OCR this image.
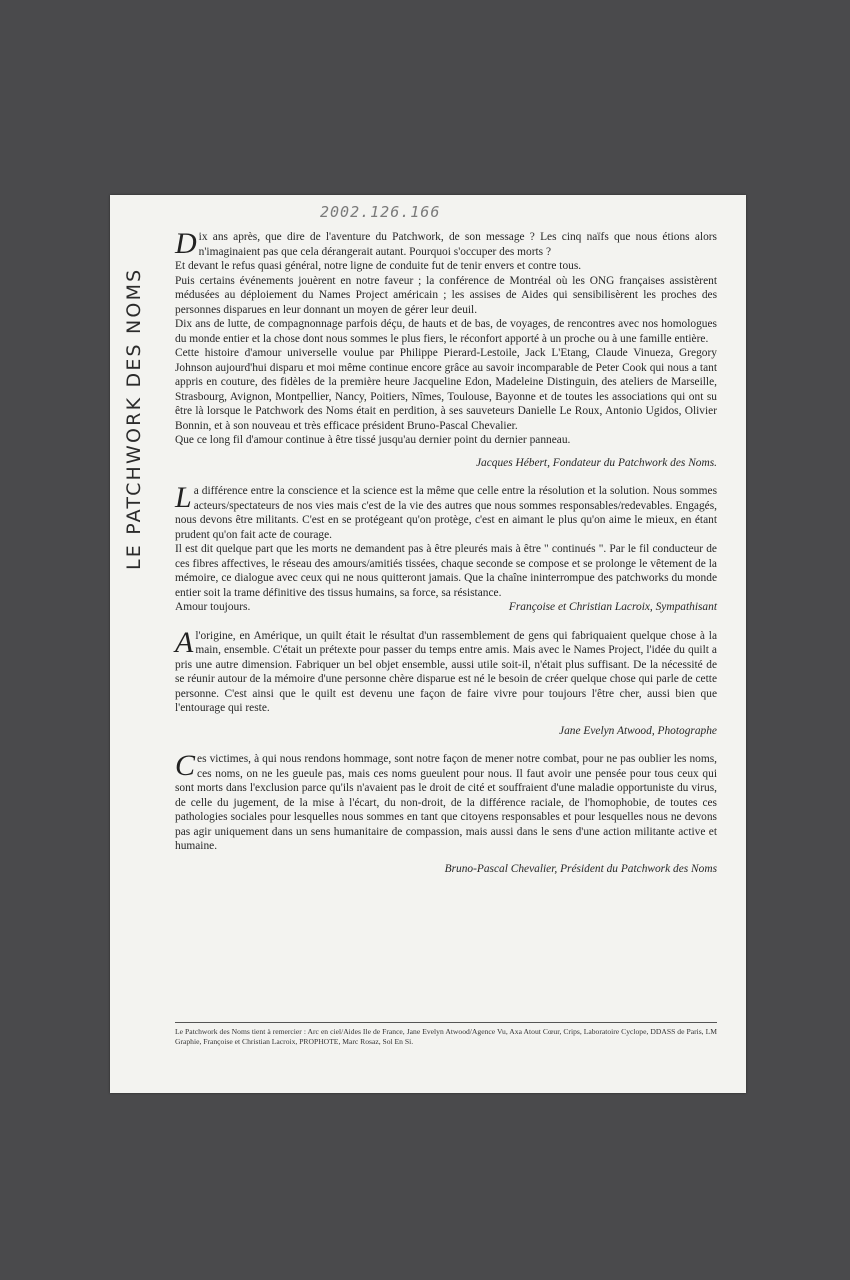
LE PATCHWORK DES NOMS
2002.126.166
D ix ans après, que dire de l'aventure du Patchwork, de son message ? Les cinq naïfs que nous étions alors n'imaginaient pas que cela dérangerait autant. Pourquoi s'occuper des morts ?

Et devant le refus quasi général, notre ligne de conduite fut de tenir envers et contre tous.

Puis certains événements jouèrent en notre faveur ; la conférence de Montréal où les ONG françaises assistèrent médusées au déploiement du Names Project américain ; les assises de Aides qui sensibilisèrent les proches des personnes disparues en leur donnant un moyen de gérer leur deuil.

Dix ans de lutte, de compagnonnage parfois déçu, de hauts et de bas, de voyages, de rencontres avec nos homologues du monde entier et la chose dont nous sommes le plus fiers, le réconfort apporté à un proche ou à une famille entière.

Cette histoire d'amour universelle voulue par Philippe Pierard-Lestoile, Jack L'Etang, Claude Vinueza, Gregory Johnson aujourd'hui disparu et moi même continue encore grâce au savoir incomparable de Peter Cook qui nous a tant appris en couture, des fidèles de la première heure Jacqueline Edon, Madeleine Distinguin, des ateliers de Marseille, Strasbourg, Avignon, Montpellier, Nancy, Poitiers, Nîmes, Toulouse, Bayonne et de toutes les associations qui ont su être là lorsque le Patchwork des Noms était en perdition, à ses sauveteurs Danielle Le Roux, Antonio Ugidos, Olivier Bonnin, et à son nouveau et très efficace président Bruno-Pascal Chevalier.

Que ce long fil d'amour continue à être tissé jusqu'au dernier point du dernier panneau.

Jacques Hébert, Fondateur du Patchwork des Noms.
L a différence entre la conscience et la science est la même que celle entre la résolution et la solution. Nous sommes acteurs/spectateurs de nos vies mais c'est de la vie des autres que nous sommes responsables/redevables. Engagés, nous devons être militants. C'est en se protégeant qu'on protège, c'est en aimant le plus qu'on aime le mieux, en étant prudent qu'on fait acte de courage.

Il est dit quelque part que les morts ne demandent pas à être pleurés mais à être " continués ". Par le fil conducteur de ces fibres affectives, le réseau des amours/amitiés tissées, chaque seconde se compose et se prolonge le vêtement de la mémoire, ce dialogue avec ceux qui ne nous quitteront jamais. Que la chaîne ininterrompue des patchworks du monde entier soit la trame définitive des tissus humains, sa force, sa résistance.

Amour toujours.	Françoise et Christian Lacroix, Sympathisant
A l'origine, en Amérique, un quilt était le résultat d'un rassemblement de gens qui fabriquaient quelque chose à la main, ensemble. C'était un prétexte pour passer du temps entre amis. Mais avec le Names Project, l'idée du quilt a pris une autre dimension. Fabriquer un bel objet ensemble, aussi utile soit-il, n'était plus suffisant. De la nécessité de se réunir autour de la mémoire d'une personne chère disparue est né le besoin de créer quelque chose qui parle de cette personne. C'est ainsi que le quilt est devenu une façon de faire vivre pour toujours l'être cher, aussi bien que l'entourage qui reste.

Jane Evelyn Atwood, Photographe
C es victimes, à qui nous rendons hommage, sont notre façon de mener notre combat, pour ne pas oublier les noms, ces noms, on ne les gueule pas, mais ces noms gueulent pour nous. Il faut avoir une pensée pour tous ceux qui sont morts dans l'exclusion parce qu'ils n'avaient pas le droit de cité et souffraient d'une maladie opportuniste du virus, de celle du jugement, de la mise à l'écart, du non-droit, de la différence raciale, de l'homophobie, de toutes ces pathologies sociales pour lesquelles nous sommes en tant que citoyens responsables et pour lesquelles nous ne devons pas agir uniquement dans un sens humanitaire de compassion, mais aussi dans le sens d'une action militante active et humaine.

Bruno-Pascal Chevalier, Président du Patchwork des Noms
Le Patchwork des Noms tient à remercier : Arc en ciel/Aides Ile de France, Jane Evelyn Atwood/Agence Vu, Axa Atout Cœur, Crips, Laboratoire Cyclope, DDASS de Paris, LM Graphie, Françoise et Christian Lacroix, PROPHOTE, Marc Rosaz, Sol En Si.
